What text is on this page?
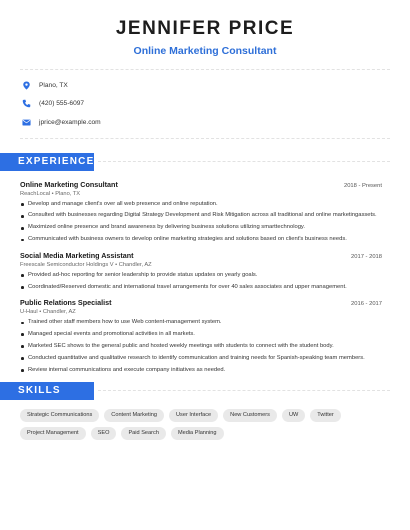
JENNIFER PRICE
Online Marketing Consultant
Plano, TX
(420) 555-6097
jprice@example.com
EXPERIENCE
Online Marketing Consultant	2018 - Present
ReachLocal • Plano, TX
Develop and manage client's over all web presence and online reputation.
Consulted with businesses regarding Digital Strategy Development and Risk Mitigation across all traditional and online marketingassets.
Maximized online presence and brand awareness by delivering business solutions utilizing smarttechnology.
Communicated with business owners to develop online marketing strategies and solutions based on client's business needs.
Social Media Marketing Assistant	2017 - 2018
Freescale Semiconductor Holdings V • Chandler, AZ
Provided ad-hoc reporting for senior leadership to provide status updates on yearly goals.
Coordinated/Reserved domestic and international travel arrangements for over 40 sales associates and upper management.
Public Relations Specialist	2016 - 2017
U-Haul • Chandler, AZ
Trained other staff members how to use Web content-management system.
Managed special events and promotional activities in all markets.
Marketed SEC shows to the general public and hosted weekly meetings with students to connect with the student body.
Conducted quantitative and qualitative research to identify communication and training needs for Spanish-speaking team members.
Review internal communications and execute company initiatives as needed.
SKILLS
Strategic Communications	Content Marketing	User Interface	New Customers	UW	Twitter
Project Management	SEO	Paid Search	Media Planning
